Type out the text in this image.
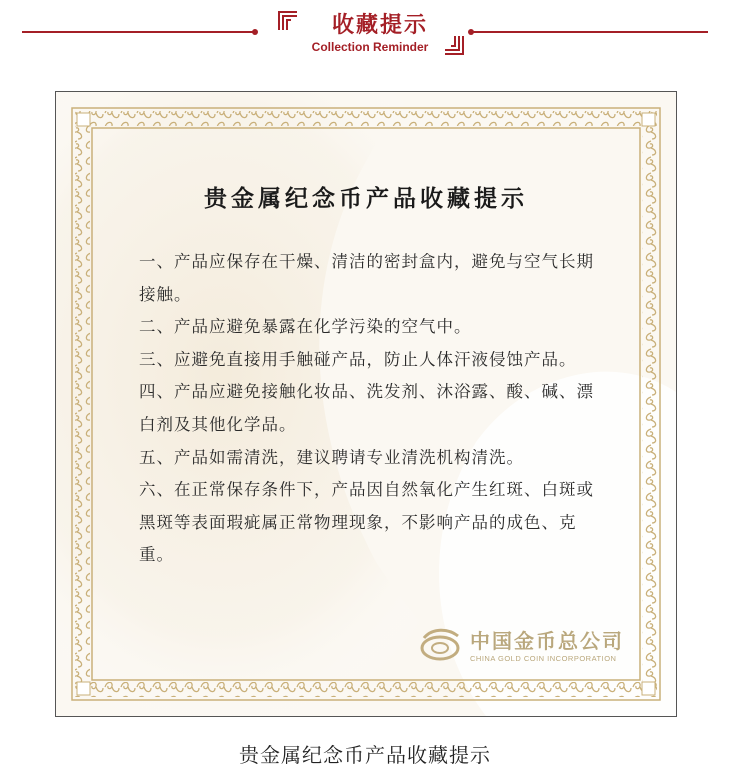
收藏提示
Collection Reminder
贵金属纪念币产品收藏提示

一、产品应保存在干燥、清洁的密封盒内，避免与空气长期接触。

二、产品应避免暴露在化学污染的空气中。

三、应避免直接用手触碰产品，防止人体汗液侵蚀产品。

四、产品应避免接触化妆品、洗发剂、沐浴露、酸、碱、漂白剂及其他化学品。

五、产品如需清洗，建议聘请专业清洗机构清洗。

六、在正常保存条件下，产品因自然氧化产生红斑、白斑或黑斑等表面瑕疵属正常物理现象，不影响产品的成色、克重。

中国金币总公司
CHINA GOLD COIN INCORPORATION
贵金属纪念币产品收藏提示
